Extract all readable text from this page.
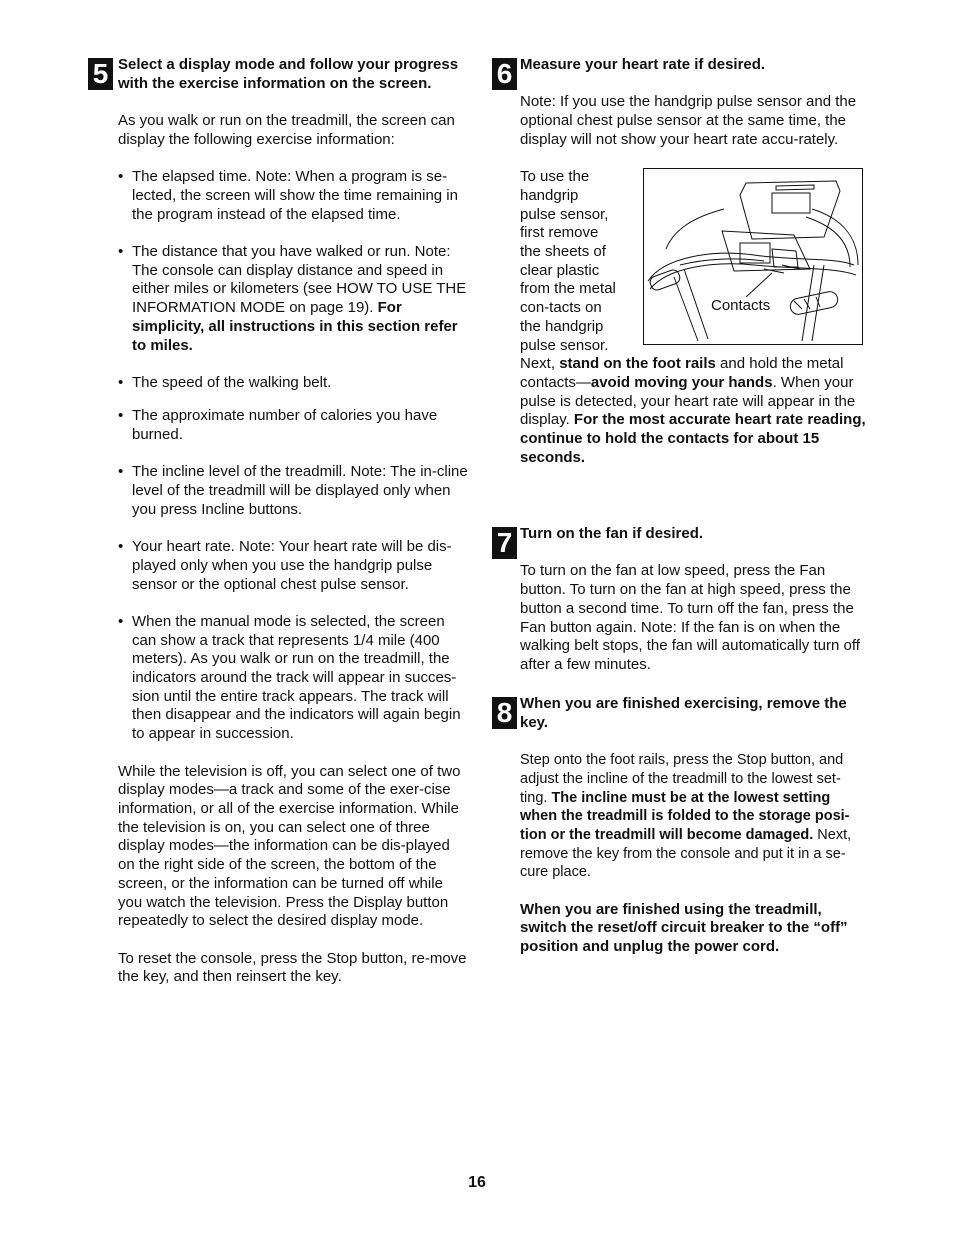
5	6
7
8

Select a display mode and follow your progress with the exercise information on the screen.

As you walk or run on the treadmill, the screen can display the following exercise information:

• The elapsed time. Note: When a program is se-lected, the screen will show the time remaining in the program instead of the elapsed time.
• The distance that you have walked or run. Note: The console can display distance and speed in either miles or kilometers (see HOW TO USE THE INFORMATION MODE on page 19). For simplicity, all instructions in this section refer to miles.
• The speed of the walking belt.
• The approximate number of calories you have burned.
• The incline level of the treadmill. Note: The in-cline level of the treadmill will be displayed only when you press Incline buttons.
• Your heart rate. Note: Your heart rate will be dis-played only when you use the handgrip pulse sensor or the optional chest pulse sensor.
• When the manual mode is selected, the screen can show a track that represents 1/4 mile (400 meters). As you walk or run on the treadmill, the indicators around the track will appear in succes-sion until the entire track appears. The track will then disappear and the indicators will again begin to appear in succession.

While the television is off, you can select one of two display modes—a track and some of the exer-cise information, or all of the exercise information. While the television is on, you can select one of three display modes—the information can be dis-played on the right side of the screen, the bottom of the screen, or the information can be turned off while you watch the television. Press the Display button repeatedly to select the desired display mode.

To reset the console, press the Stop button, re-move the key, and then reinsert the key.

Measure your heart rate if desired.

Note: If you use the handgrip pulse sensor and the optional chest pulse sensor at the same time, the display will not show your heart rate accu-rately.

To use the handgrip pulse sensor, first remove the sheets of clear plastic from the metal con-tacts on the handgrip pulse sensor.

Contacts

Next, stand on the foot rails and hold the metal contacts—avoid moving your hands. When your pulse is detected, your heart rate will appear in the display. For the most accurate heart rate reading, continue to hold the contacts for about 15 seconds.

Turn on the fan if desired.

To turn on the fan at low speed, press the Fan button. To turn on the fan at high speed, press the button a second time. To turn off the fan, press the Fan button again. Note: If the fan is on when the walking belt stops, the fan will automatically turn off after a few minutes.

When you are finished exercising, remove the key.

Step onto the foot rails, press the Stop button, and adjust the incline of the treadmill to the lowest set-ting. The incline must be at the lowest setting when the treadmill is folded to the storage posi-tion or the treadmill will become damaged. Next, remove the key from the console and put it in a se-cure place.

When you are finished using the treadmill, switch the reset/off circuit breaker to the “off” position and unplug the power cord.

16
